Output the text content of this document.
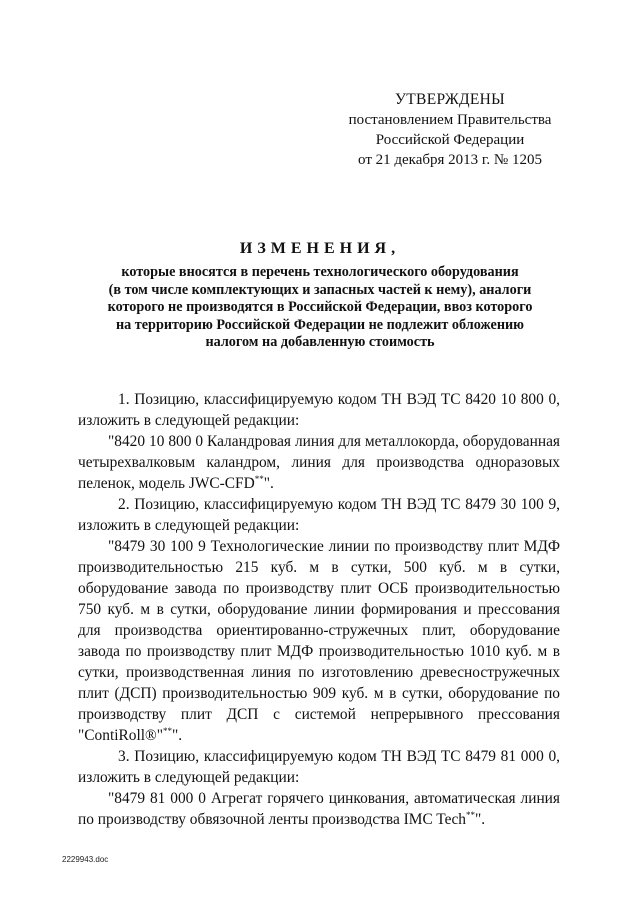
УТВЕРЖДЕНЫ
постановлением Правительства
Российской Федерации
от 21 декабря 2013 г. № 1205

ИЗМЕНЕНИЯ,

которые вносятся в перечень технологического оборудования
(в том числе комплектующих и запасных частей к нему), аналоги
которого не производятся в Российской Федерации, ввоз которого
на территорию Российской Федерации не подлежит обложению
налогом на добавленную стоимость

1. Позицию, классифицируемую кодом ТН ВЭД ТС 8420 10 800 0, изложить в следующей редакции:

"8420 10 800 0 Каландровая линия для металлокорда, оборудованная четырехвалковым каландром, линия для производства одноразовых пеленок, модель JWC-CFD**".

2. Позицию, классифицируемую кодом ТН ВЭД ТС 8479 30 100 9, изложить в следующей редакции:

"8479 30 100 9 Технологические линии по производству плит МДФ производительностью 215 куб. м в сутки, 500 куб. м в сутки, оборудование завода по производству плит ОСБ производительностью 750 куб. м в сутки, оборудование линии формирования и прессования для производства ориентированно-стружечных плит, оборудование завода по производству плит МДФ производительностью 1010 куб. м в сутки, производственная линия по изготовлению древесностружечных плит (ДСП) производительностью 909 куб. м в сутки, оборудование по производству плит ДСП с системой непрерывного прессования "ContiRoll®"**".

3. Позицию, классифицируемую кодом ТН ВЭД ТС 8479 81 000 0, изложить в следующей редакции:

"8479 81 000 0 Агрегат горячего цинкования, автоматическая линия по производству обвязочной ленты производства IMC Tech**".

2229943.doc
